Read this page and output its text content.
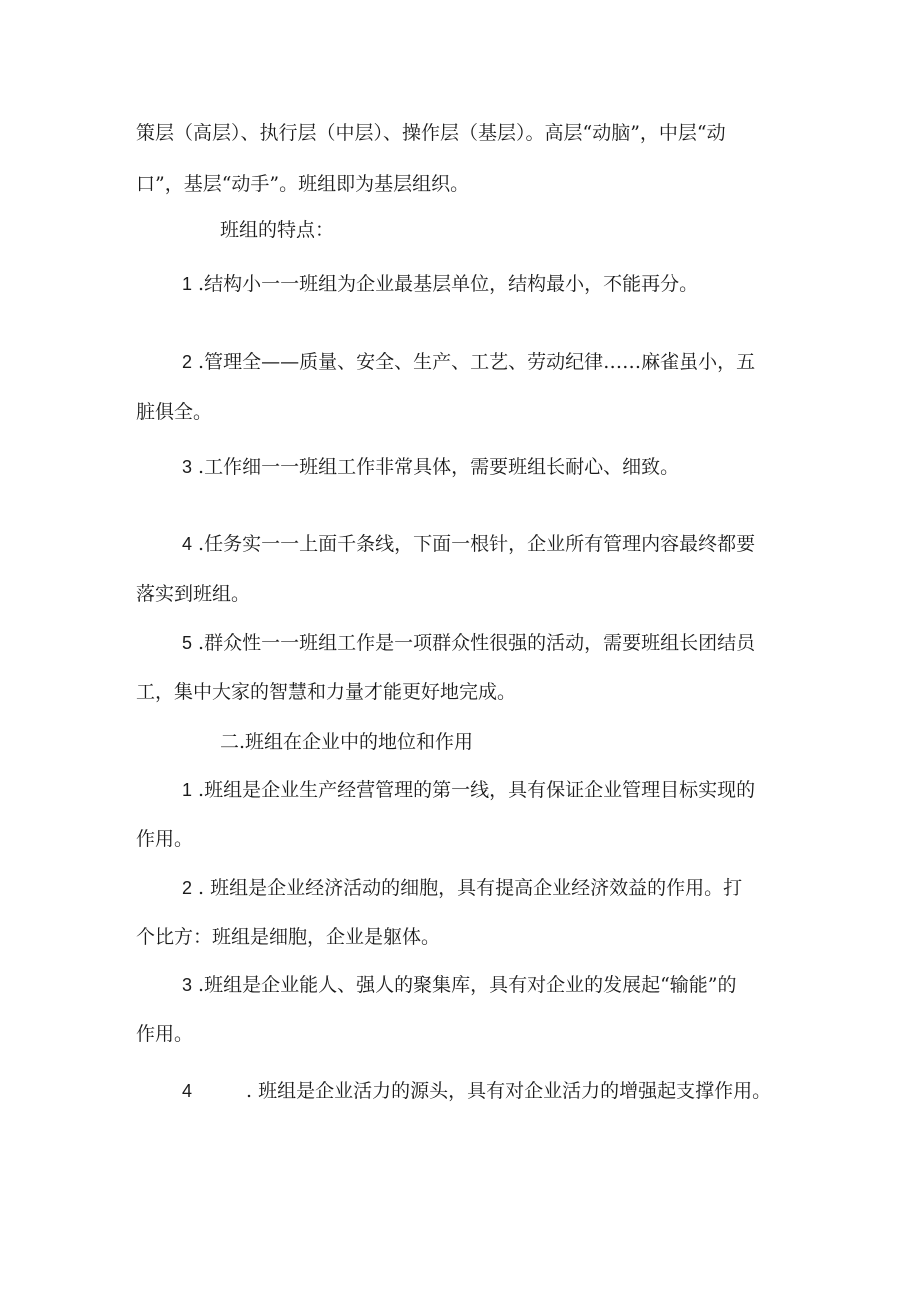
策层（高层）、执行层（中层）、操作层（基层）。高层“动脑”，中层“动
口”，基层“动手”。班组即为基层组织。
班组的特点：
1 .结构小一一班组为企业最基层单位，结构最小，不能再分。
2 .管理全——质量、安全、生产、工艺、劳动纪律……麻雀虽小，五
脏俱全。
3 .工作细一一班组工作非常具体，需要班组长耐心、细致。
4 .任务实一一上面千条线，下面一根针，企业所有管理内容最终都要
落实到班组。
5 .群众性一一班组工作是一项群众性很强的活动，需要班组长团结员
工，集中大家的智慧和力量才能更好地完成。
二.班组在企业中的地位和作用
1 .班组是企业生产经营管理的第一线，具有保证企业管理目标实现的
作用。
2 . 班组是企业经济活动的细胞，具有提高企业经济效益的作用。打
个比方：班组是细胞，企业是躯体。
3 .班组是企业能人、强人的聚集库，具有对企业的发展起“输能”的
作用。
4	. 班组是企业活力的源头，具有对企业活力的增强起支撑作用。
